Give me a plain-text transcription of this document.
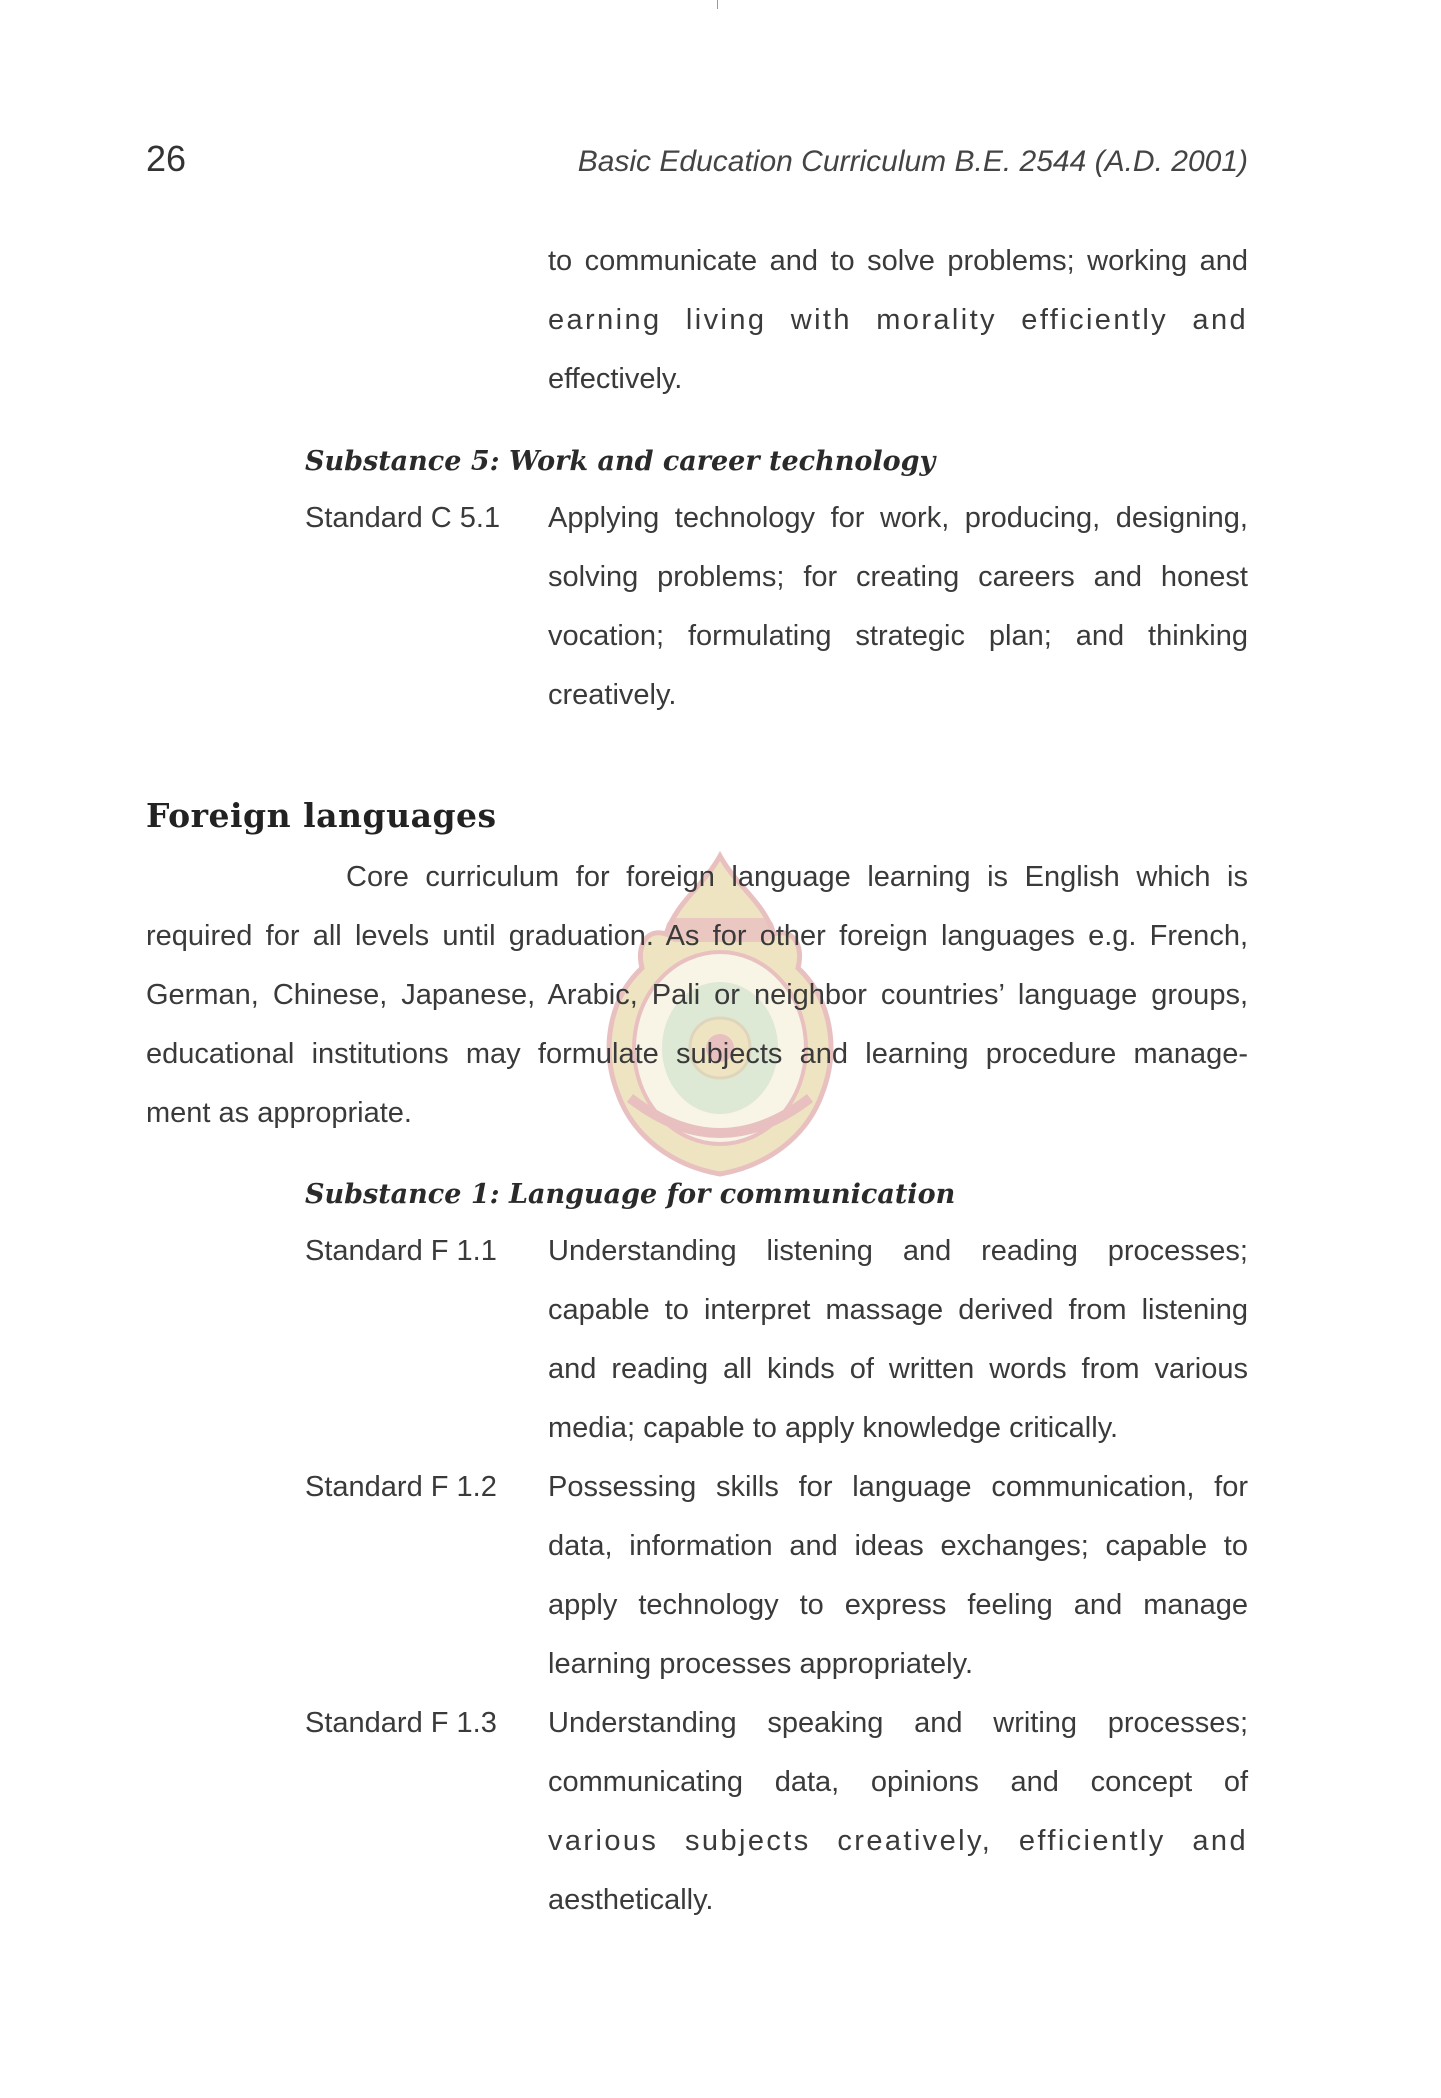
26	Basic Education Curriculum B.E. 2544 (A.D. 2001)
to communicate and to solve problems; working and
earning living with morality efficiently and
effectively.
Substance 5: Work and career technology
Standard C 5.1 Applying technology for work, producing, designing,
solving problems; for creating careers and honest
vocation; formulating strategic plan; and thinking
creatively.
Foreign languages
Core curriculum for foreign language learning is English which is
required for all levels until graduation. As for other foreign languages e.g. French,
German, Chinese, Japanese, Arabic, Pali or neighbor countries’ language groups,
educational institutions may formulate subjects and learning procedure manage-
ment as appropriate.
Substance 1: Language for communication
Standard F 1.1 Understanding listening and reading processes;
capable to interpret massage derived from listening
and reading all kinds of written words from various
media; capable to apply knowledge critically.
Standard F 1.2 Possessing skills for language communication, for
data, information and ideas exchanges; capable to
apply technology to express feeling and manage
learning processes appropriately.
Standard F 1.3 Understanding speaking and writing processes;
communicating data, opinions and concept of
various subjects creatively, efficiently and
aesthetically.
